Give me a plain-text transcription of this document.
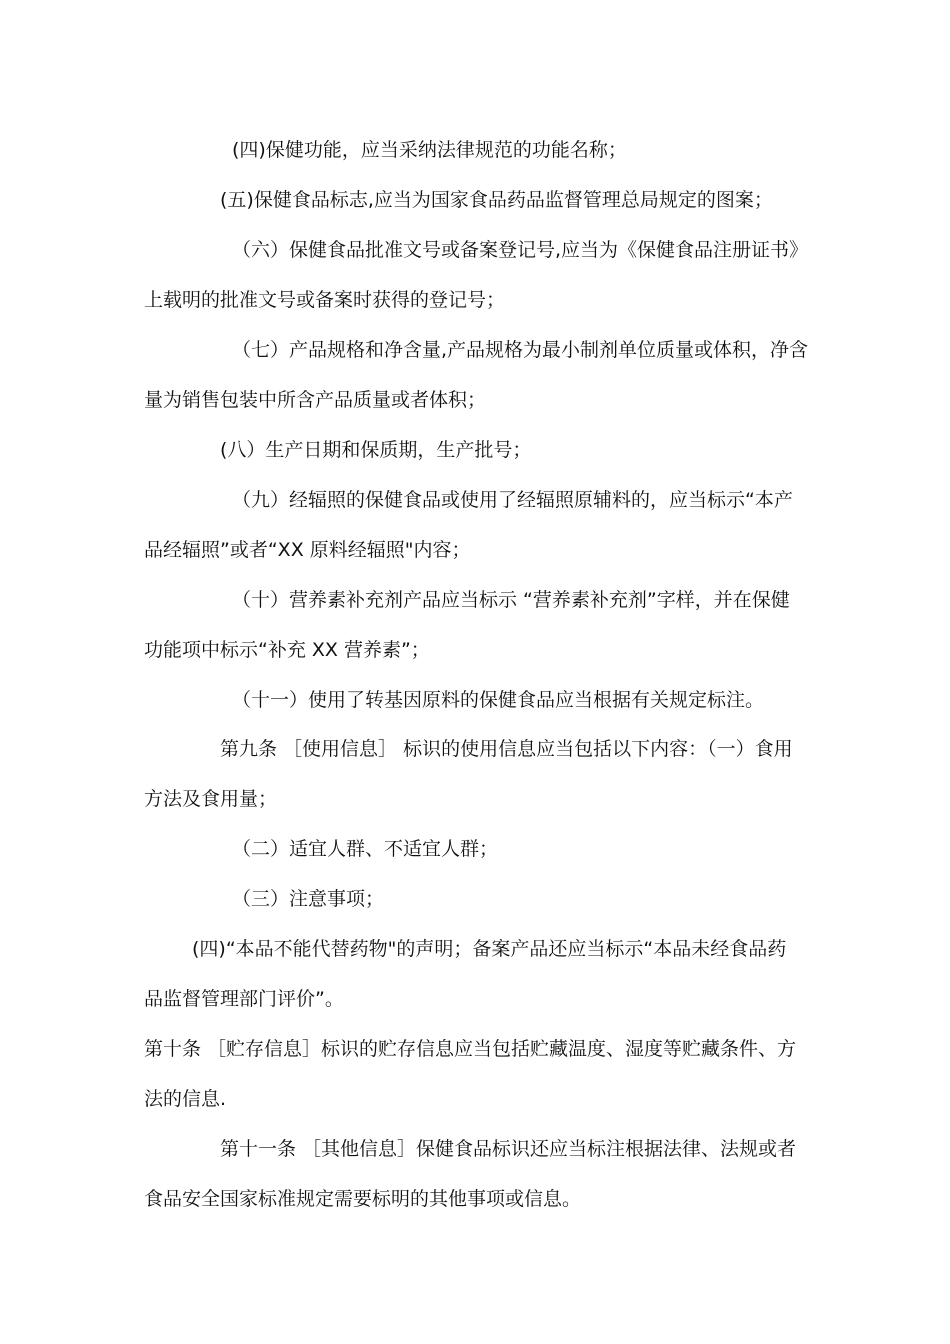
(四)保健功能，应当采纳法律规范的功能名称；
(五)保健食品标志,应当为国家食品药品监督管理总局规定的图案；
（六）保健食品批准文号或备案登记号,应当为《保健食品注册证书》
上载明的批准文号或备案时获得的登记号；
（七）产品规格和净含量,产品规格为最小制剂单位质量或体积，净含
量为销售包装中所含产品质量或者体积；
(八）生产日期和保质期，生产批号；
（九）经辐照的保健食品或使用了经辐照原辅料的，应当标示“本产
品经辐照”或者“XX 原料经辐照"内容；
（十）营养素补充剂产品应当标示 “营养素补充剂”字样，并在保健
功能项中标示“补充 XX 营养素”；
（十一）使用了转基因原料的保健食品应当根据有关规定标注。
第九条 ［使用信息］ 标识的使用信息应当包括以下内容：（一）食用
方法及食用量；
（二）适宜人群、不适宜人群；
（三）注意事项；
(四)“本品不能代替药物"的声明；备案产品还应当标示“本品未经食品药
品监督管理部门评价”。
第十条 ［贮存信息］标识的贮存信息应当包括贮藏温度、湿度等贮藏条件、方
法的信息.
第十一条 ［其他信息］保健食品标识还应当标注根据法律、法规或者
食品安全国家标准规定需要标明的其他事项或信息。
